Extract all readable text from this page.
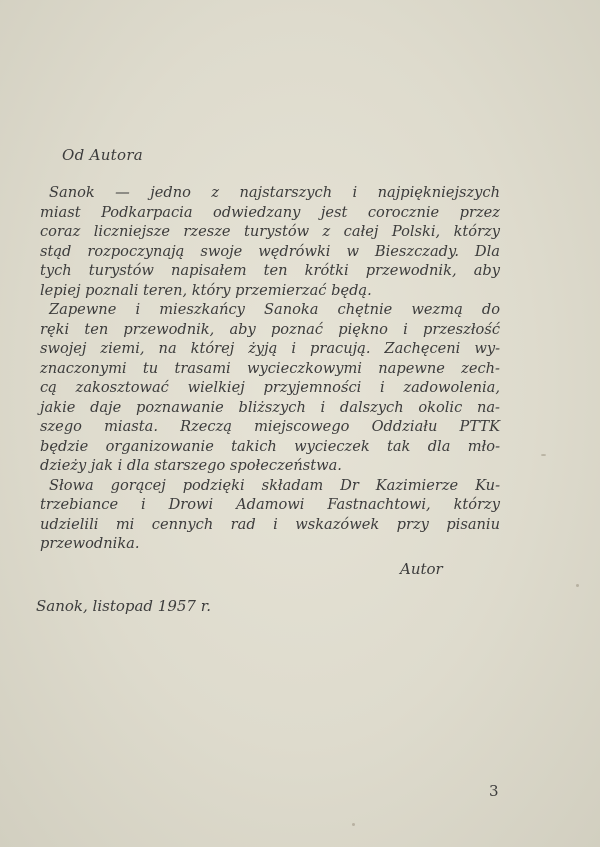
Od Autora
Sanok — jedno z najstarszych i najpiękniejszych
miast Podkarpacia odwiedzany jest corocznie przez
coraz liczniejsze rzesze turystów z całej Polski, którzy
stąd rozpoczynają swoje wędrówki w Bieszczady. Dla
tych turystów napisałem ten krótki przewodnik, aby
lepiej poznali teren, który przemierzać będą.
Zapewne i mieszkańcy Sanoka chętnie wezmą do
ręki ten przewodnik, aby poznać piękno i przeszłość
swojej ziemi, na której żyją i pracują. Zachęceni wy-
znaczonymi tu trasami wycieczkowymi napewne zech-
cą zakosztować wielkiej przyjemności i zadowolenia,
jakie daje poznawanie bliższych i dalszych okolic na-
szego miasta. Rzeczą miejscowego Oddziału PTTK
będzie organizowanie takich wycieczek tak dla mło-
dzieży jak i dla starszego społeczeństwa.
Słowa gorącej podzięki składam Dr Kazimierze Ku-
trzebiance i Drowi Adamowi Fastnachtowi, którzy
udzielili mi cennych rad i wskazówek przy pisaniu
przewodnika.
Autor
Sanok, listopad 1957 r.
3
